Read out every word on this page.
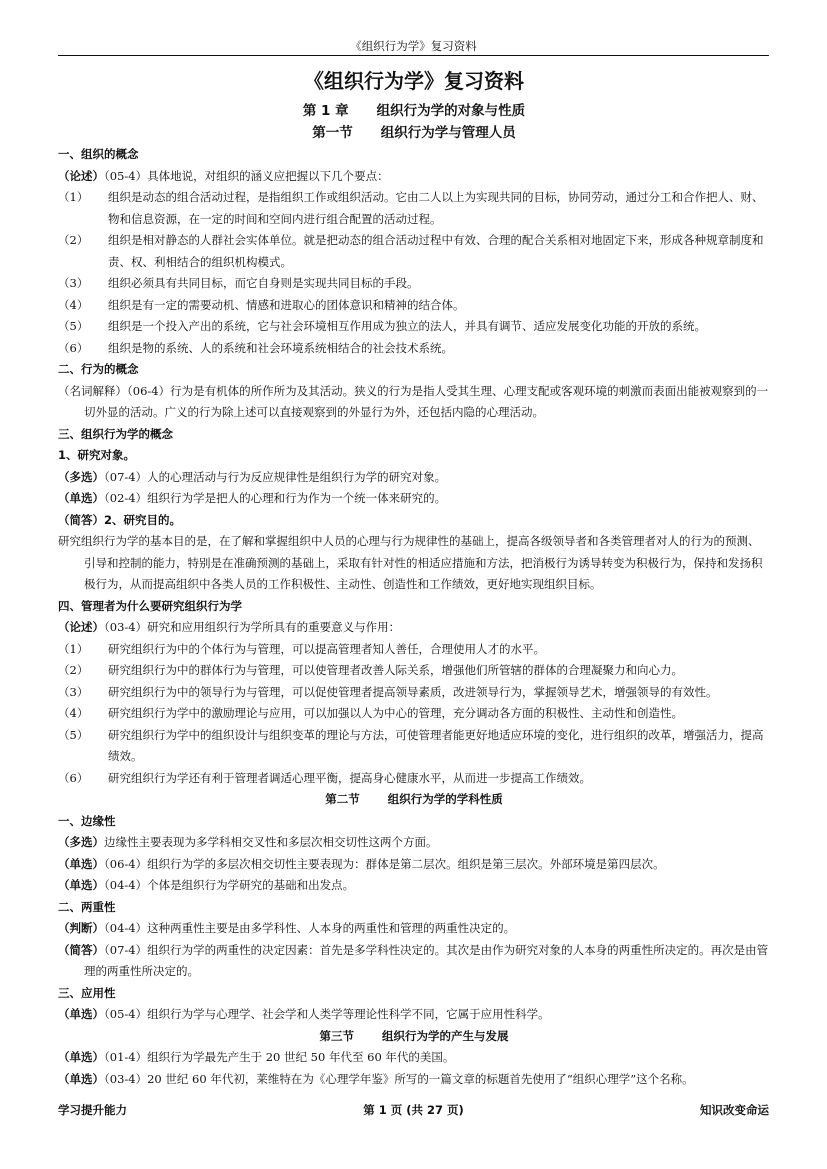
《组织行为学》复习资料
《组织行为学》复习资料
第 1 章 组织行为学的对象与性质
第一节 组织行为学与管理人员
一、组织的概念
（论述）（05-4）具体地说，对组织的涵义应把握以下几个要点：
（1）	组织是动态的组合活动过程，是指组织工作或组织活动。它由二人以上为实现共同的目标，协同劳动，通过分工和合作把人、财、物和信息资源，在一定的时间和空间内进行组合配置的活动过程。
（2）	组织是相对静态的人群社会实体单位。就是把动态的组合活动过程中有效、合理的配合关系相对地固定下来，形成各种规章制度和责、权、利相结合的组织机构模式。
（3）	组织必须具有共同目标，而它自身则是实现共同目标的手段。
（4）	组织是有一定的需要动机、情感和进取心的团体意识和精神的结合体。
（5）	组织是一个投入产出的系统，它与社会环境相互作用成为独立的法人，并具有调节、适应发展变化功能的开放的系统。
（6）	组织是物的系统、人的系统和社会环境系统相结合的社会技术系统。
二、行为的概念
（名词解释）（06-4）行为是有机体的所作所为及其活动。狭义的行为是指人受其生理、心理支配或客观环境的刺激而表面出能被观察到的一切外显的活动。广义的行为除上述可以直接观察到的外显行为外，还包括内隐的心理活动。
三、组织行为学的概念
1、研究对象。
（多选）（07-4）人的心理活动与行为反应规律性是组织行为学的研究对象。
（单选）（02-4）组织行为学是把人的心理和行为作为一个统一体来研究的。
（简答）2、研究目的。
研究组织行为学的基本目的是，在了解和掌握组织中人员的心理与行为规律性的基础上，提高各级领导者和各类管理者对人的行为的预测、引导和控制的能力，特别是在准确预测的基础上，采取有针对性的相适应措施和方法，把消极行为诱导转变为积极行为，保持和发扬积极行为，从而提高组织中各类人员的工作积极性、主动性、创造性和工作绩效，更好地实现组织目标。
四、管理者为什么要研究组织行为学
（论述）（03-4）研究和应用组织行为学所具有的重要意义与作用：
（1）	研究组织行为中的个体行为与管理，可以提高管理者知人善任，合理使用人才的水平。
（2）	研究组织行为中的群体行为与管理，可以使管理者改善人际关系，增强他们所管辖的群体的合理凝聚力和向心力。
（3）	研究组织行为中的领导行为与管理，可以促使管理者提高领导素质，改进领导行为，掌握领导艺术，增强领导的有效性。
（4）	研究组织行为学中的激励理论与应用，可以加强以人为中心的管理，充分调动各方面的积极性、主动性和创造性。
（5）	研究组织行为学中的组织设计与组织变革的理论与方法，可使管理者能更好地适应环境的变化，进行组织的改革，增强活力，提高绩效。
（6）	研究组织行为学还有利于管理者调适心理平衡，提高身心健康水平，从而进一步提高工作绩效。
第二节 组织行为学的学科性质
一、边缘性
（多选）边缘性主要表现为多学科相交叉性和多层次相交切性这两个方面。
（单选）（06-4）组织行为学的多层次相交切性主要表现为：群体是第二层次。组织是第三层次。外部环境是第四层次。
（单选）（04-4）个体是组织行为学研究的基础和出发点。
二、两重性
（判断）（04-4）这种两重性主要是由多学科性、人本身的两重性和管理的两重性决定的。
（简答）（07-4）组织行为学的两重性的决定因素：首先是多学科性决定的。其次是由作为研究对象的人本身的两重性所决定的。再次是由管理的两重性所决定的。
三、应用性
（单选）（05-4）组织行为学与心理学、社会学和人类学等理论性科学不同，它属于应用性科学。
第三节 组织行为学的产生与发展
（单选）（01-4）组织行为学最先产生于 20 世纪 50 年代至 60 年代的美国。
（单选）（03-4）20 世纪 60 年代初，莱维特在为《心理学年鉴》所写的一篇文章的标题首先使用了“组织心理学”这个名称。
学习提升能力	第 1 页 (共 27 页)	知识改变命运
